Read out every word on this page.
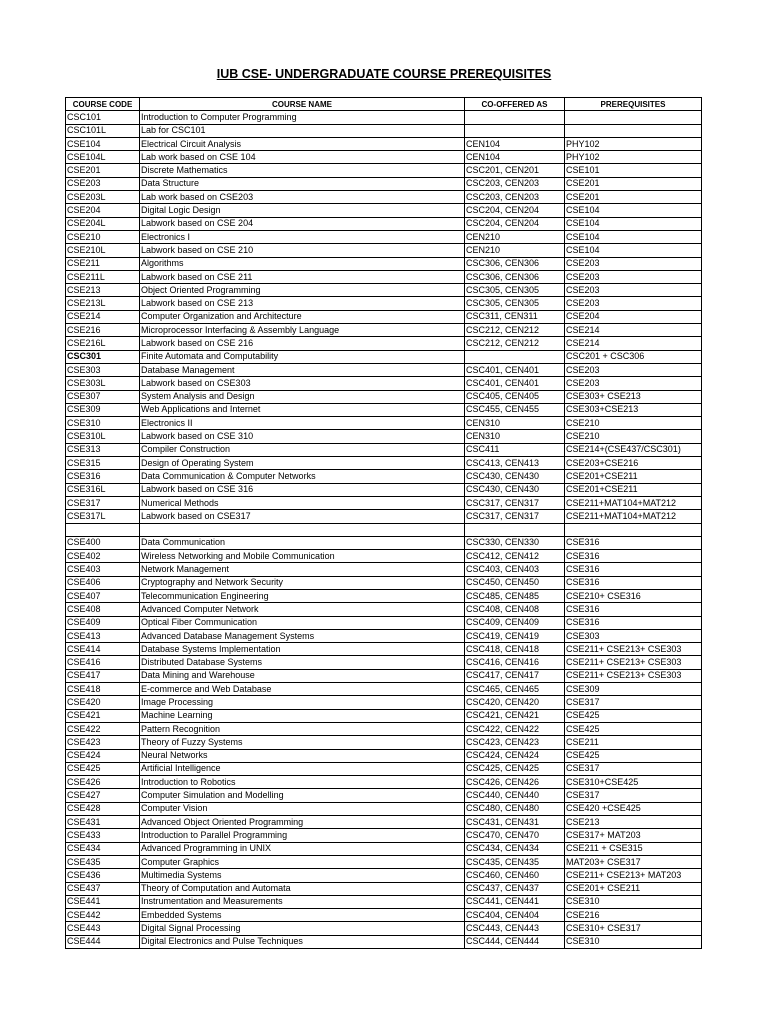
IUB CSE- UNDERGRADUATE COURSE PREREQUISITES
COURSE CODE	COURSE NAME	CO-OFFERED AS	PREREQUISITES
CSC101	Introduction to Computer Programming		
CSC101L	Lab for CSC101		
CSE104	Electrical Circuit Analysis	CEN104	PHY102
CSE104L	Lab work based on CSE 104	CEN104	PHY102
CSE201	Discrete Mathematics	CSC201, CEN201	CSE101
CSE203	Data Structure	CSC203, CEN203	CSE201
CSE203L	Lab work based on CSE203	CSC203, CEN203	CSE201
CSE204	Digital Logic Design	CSC204, CEN204	CSE104
CSE204L	Labwork based on CSE 204	CSC204, CEN204	CSE104
CSE210	Electronics I	CEN210	CSE104
CSE210L	Labwork based on CSE 210	CEN210	CSE104
CSE211	Algorithms	CSC306, CEN306	CSE203
CSE211L	Labwork based on CSE 211	CSC306, CEN306	CSE203
CSE213	Object Oriented Programming	CSC305, CEN305	CSE203
CSE213L	Labwork based on CSE 213	CSC305, CEN305	CSE203
CSE214	Computer Organization and Architecture	CSC311, CEN311	CSE204
CSE216	Microprocessor Interfacing & Assembly Language	CSC212, CEN212	CSE214
CSE216L	Labwork based on CSE 216	CSC212, CEN212	CSE214
CSC301	Finite Automata and Computability		CSC201 + CSC306
CSE303	Database Management	CSC401, CEN401	CSE203
CSE303L	Labwork based on CSE303	CSC401, CEN401	CSE203
CSE307	System Analysis and Design	CSC405, CEN405	CSE303+ CSE213
CSE309	Web Applications and Internet	CSC455, CEN455	CSE303+CSE213
CSE310	Electronics II	CEN310	CSE210
CSE310L	Labwork based on CSE 310	CEN310	CSE210
CSE313	Compiler Construction	CSC411	CSE214+(CSE437/CSC301)
CSE315	Design of Operating System	CSC413, CEN413	CSE203+CSE216
CSE316	Data Communication & Computer Networks	CSC430, CEN430	CSE201+CSE211
CSE316L	Labwork based on CSE 316	CSC430, CEN430	CSE201+CSE211
CSE317	Numerical Methods	CSC317, CEN317	CSE211+MAT104+MAT212
CSE317L	Labwork based on CSE317	CSC317, CEN317	CSE211+MAT104+MAT212

CSE400	Data Communication	CSC330, CEN330	CSE316
CSE402	Wireless Networking and Mobile Communication	CSC412, CEN412	CSE316
CSE403	Network Management	CSC403, CEN403	CSE316
CSE406	Cryptography and Network Security	CSC450, CEN450	CSE316
CSE407	Telecommunication Engineering	CSC485, CEN485	CSE210+ CSE316
CSE408	Advanced Computer Network	CSC408, CEN408	CSE316
CSE409	Optical Fiber Communication	CSC409, CEN409	CSE316
CSE413	Advanced Database Management Systems	CSC419, CEN419	CSE303
CSE414	Database Systems Implementation	CSC418, CEN418	CSE211+ CSE213+ CSE303
CSE416	Distributed Database Systems	CSC416, CEN416	CSE211+ CSE213+ CSE303
CSE417	Data Mining and Warehouse	CSC417, CEN417	CSE211+ CSE213+ CSE303
CSE418	E-commerce and Web Database	CSC465, CEN465	CSE309
CSE420	Image Processing	CSC420, CEN420	CSE317
CSE421	Machine Learning	CSC421, CEN421	CSE425
CSE422	Pattern Recognition	CSC422, CEN422	CSE425
CSE423	Theory of Fuzzy Systems	CSC423, CEN423	CSE211
CSE424	Neural Networks	CSC424, CEN424	CSE425
CSE425	Artificial Intelligence	CSC425, CEN425	CSE317
CSE426	Introduction to Robotics	CSC426, CEN426	CSE310+CSE425
CSE427	Computer Simulation and Modelling	CSC440, CEN440	CSE317
CSE428	Computer Vision	CSC480, CEN480	CSE420 +CSE425
CSE431	Advanced Object Oriented Programming	CSC431, CEN431	CSE213
CSE433	Introduction to Parallel Programming	CSC470, CEN470	CSE317+ MAT203
CSE434	Advanced Programming in UNIX	CSC434, CEN434	CSE211 + CSE315
CSE435	Computer Graphics	CSC435, CEN435	MAT203+ CSE317
CSE436	Multimedia Systems	CSC460, CEN460	CSE211+ CSE213+ MAT203
CSE437	Theory of Computation and Automata	CSC437, CEN437	CSE201+ CSE211
CSE441	Instrumentation and Measurements	CSC441, CEN441	CSE310
CSE442	Embedded Systems	CSC404, CEN404	CSE216
CSE443	Digital Signal Processing	CSC443, CEN443	CSE310+ CSE317
CSE444	Digital Electronics and Pulse Techniques	CSC444, CEN444	CSE310
